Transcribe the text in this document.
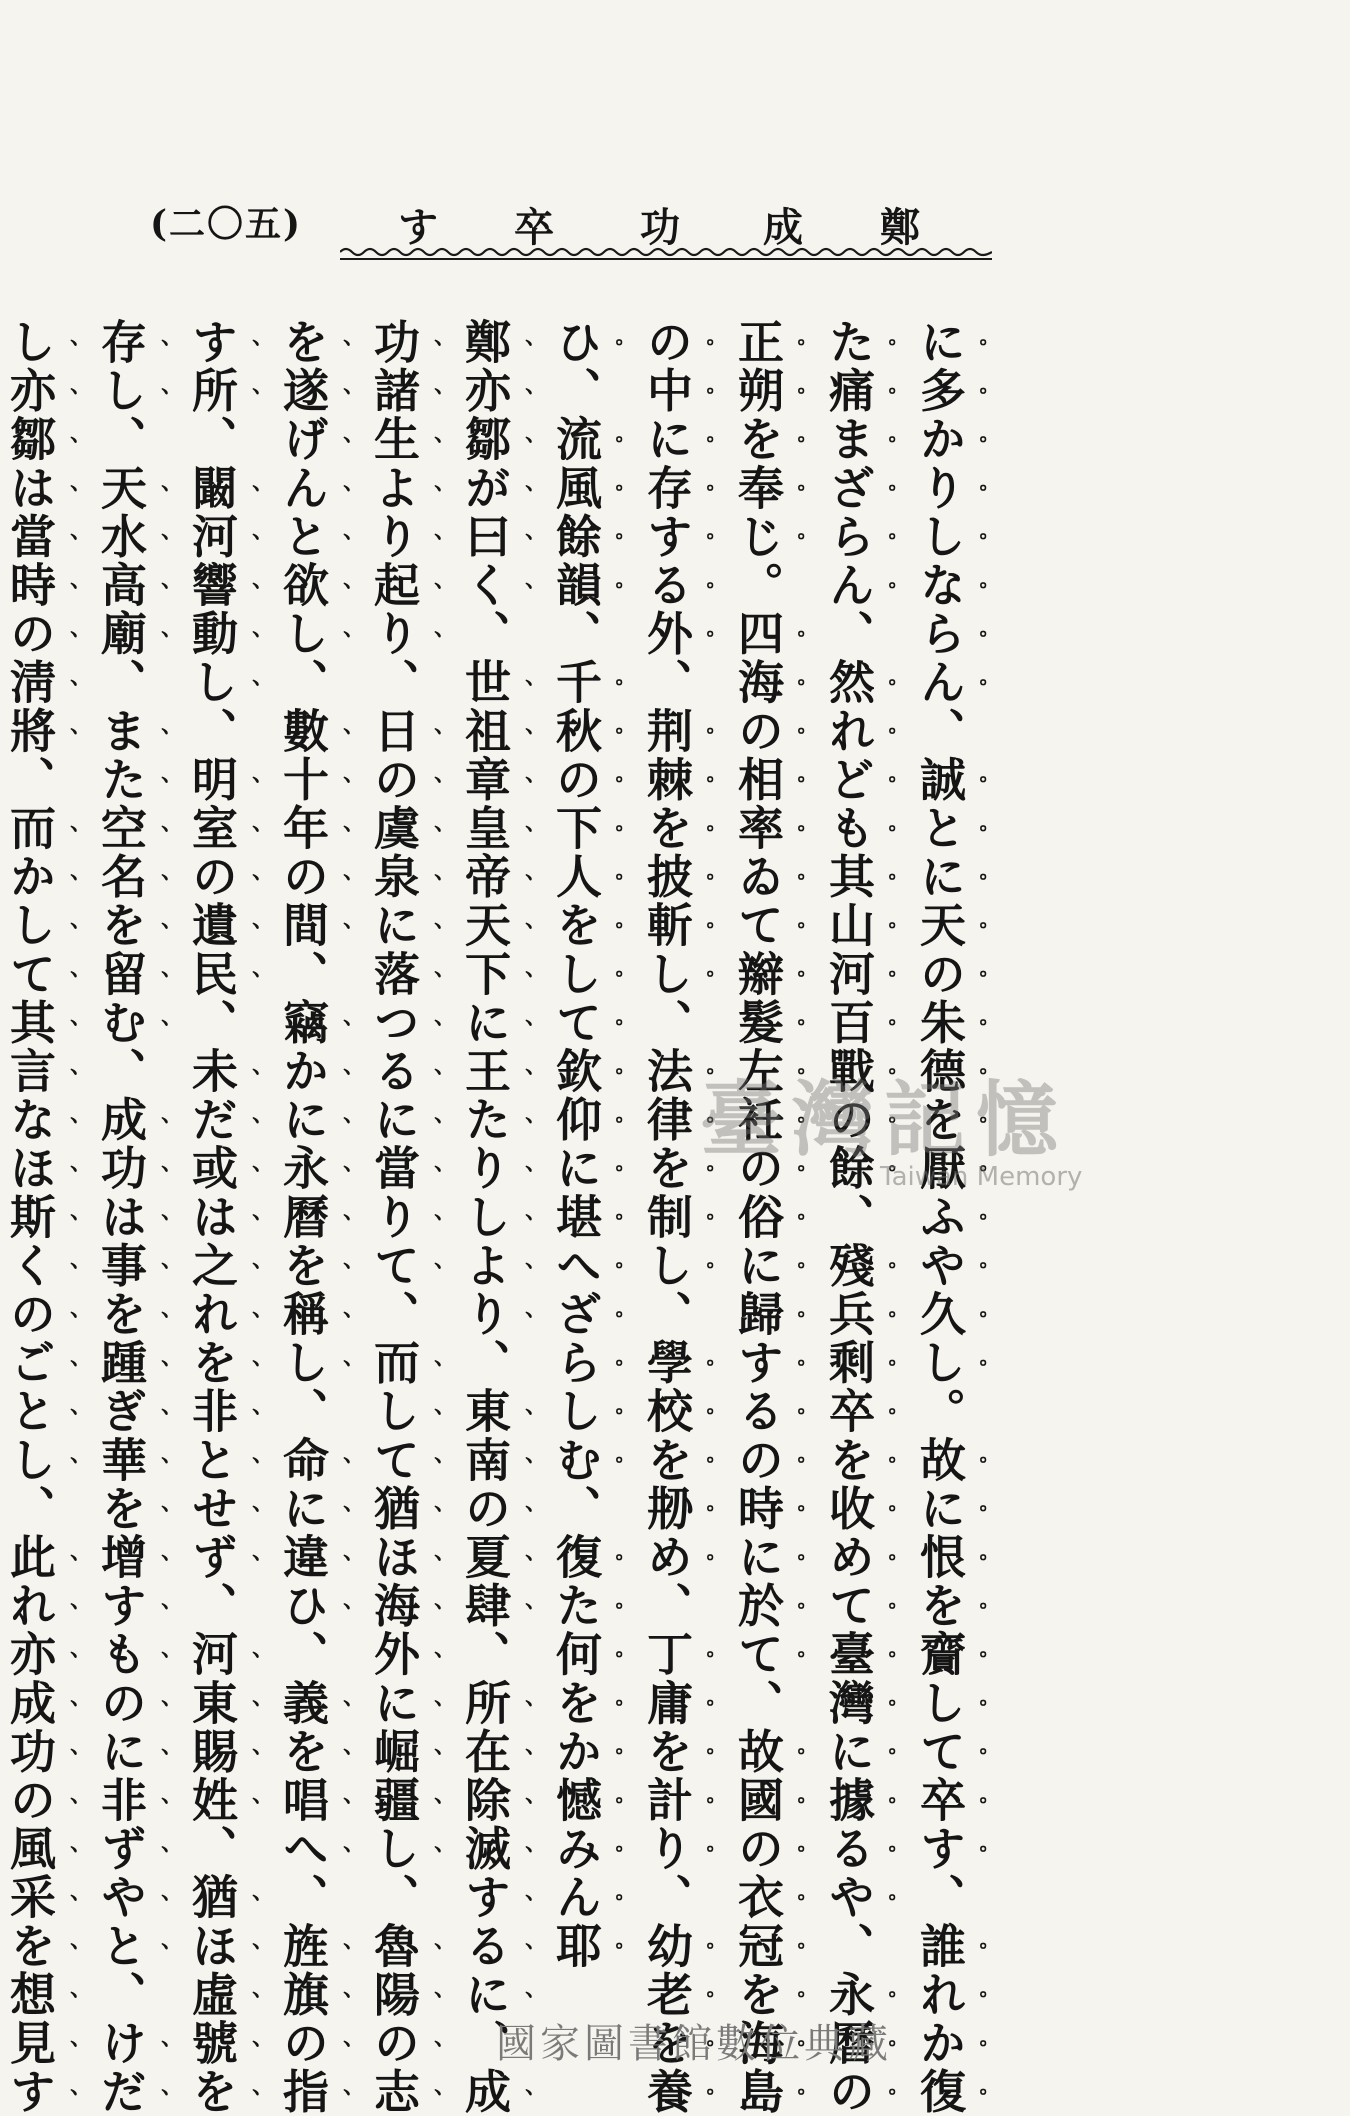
(二〇五)	鄭
成
功
卒
す

に多かりしならん、誠とに天の朱德を厭ふや久し。故に恨を齎して卒す、誰れか復

た痛まざらん、然れども其山河百戰の餘、殘兵剩卒を收めて臺灣に據るや、永曆の

正朔を奉じ。四海の相率ゐて辮髮左衽の俗に歸するの時に於て、故國の衣冠を海島

の中に存する外、荆棘を披斬し、法律を制し、學校を刱め、丁庸を計り、幼老を養

ひ、流風餘韻、千秋の下人をして欽仰に堪へざらしむ、復た何をか憾みん耶

鄭亦鄒が曰く、世祖章皇帝天下に王たりしより、東南の夏肆、所在除滅するに、成

功諸生より起り、日の虞泉に落つるに當りて、而して猶ほ海外に崛疆し、魯陽の志

を遂げんと欲し、數十年の間、竊かに永曆を稱し、命に違ひ、義を唱へ、旌旗の指

す所、闞河響動し、明室の遺民、未だ或は之れを非とせず、河東賜姓、猶ほ虛號を

存し、天水高廟、また空名を留む、成功は事を踵ぎ華を增すものに非ずやと、けだ

し亦鄒は當時の淸將、而かして其言なほ斯くのごとし、此れ亦成功の風采を想見す	臺灣記憶
Taiwan Memory
國家圖書館數位典藏
